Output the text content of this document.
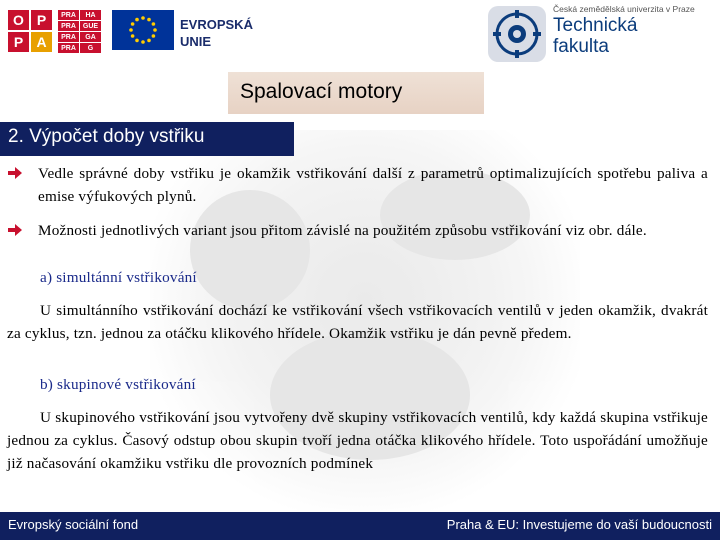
O P
P A
PRA	HA
PRA	GUE
PRA	GA
PRA	G
EVROPSKÁ
UNIE
Česká zemědělská univerzita v Praze
Technická
fakulta
Spalovací motory
2. Výpočet doby vstřiku
Vedle správné doby vstřiku je okamžik vstřikování další z parametrů optimalizujících spotřebu paliva a emise výfukových plynů.
Možnosti jednotlivých variant jsou přitom závislé na použitém způsobu vstřikování viz obr. dále.
a) simultánní vstřikování
U simultánního vstřikování dochází ke vstřikování všech vstřikovacích ventilů v jeden okamžik, dvakrát za cyklus, tzn. jednou za otáčku klikového hřídele. Okamžik vstřiku je dán pevně předem.
b) skupinové vstřikování
U skupinového vstřikování jsou vytvořeny dvě skupiny vstřikovacích ventilů, kdy každá skupina vstřikuje jednou za cyklus. Časový odstup obou skupin tvoří jedna otáčka klikového hřídele. Toto uspořádání umožňuje již načasování okamžiku vstřiku dle provozních podmínek
Evropský sociální fond	Praha & EU: Investujeme do vaší budoucnosti
